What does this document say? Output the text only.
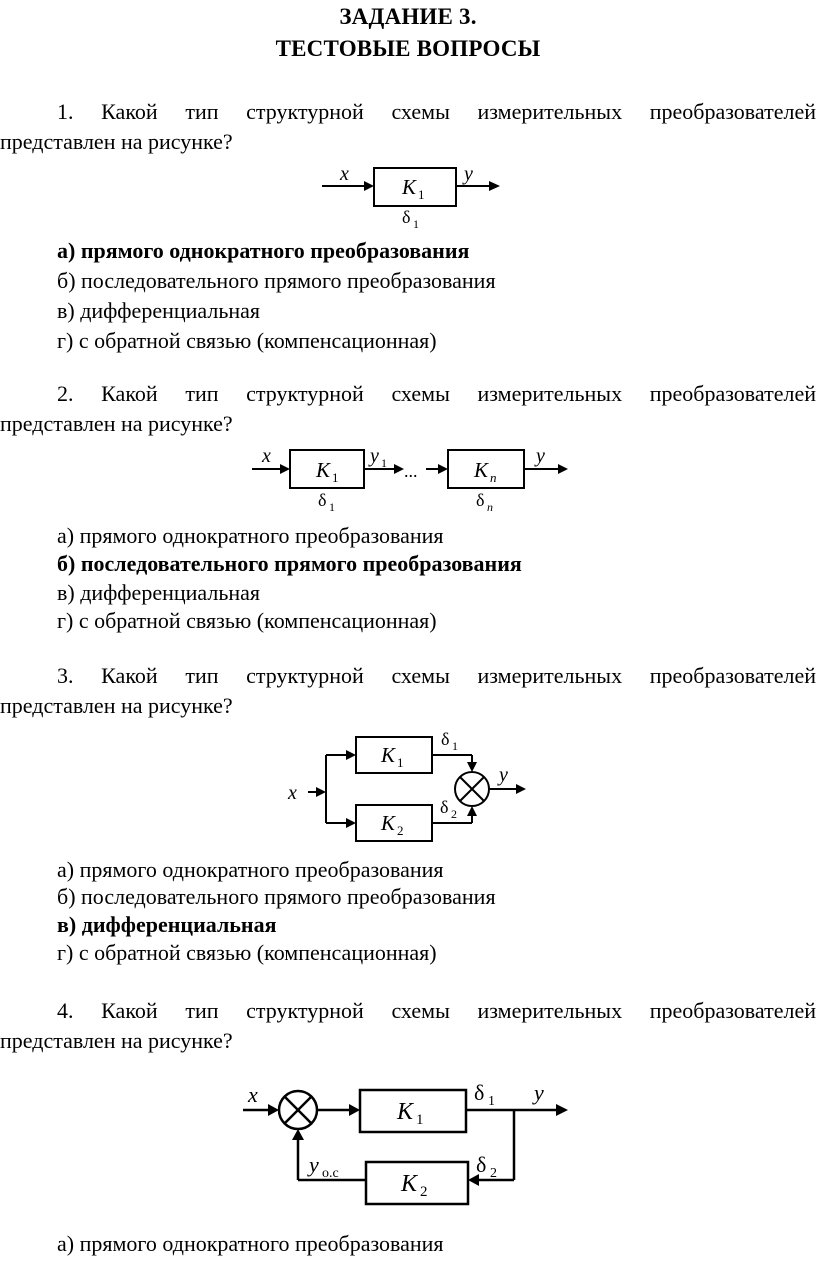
ЗАДАНИЕ 3.
ТЕСТОВЫЕ ВОПРОСЫ
1. Какой тип структурной схемы измерительных преобразователей
представлен на рисунке?
x	y
K 1
δ 1
а) прямого однократного преобразования
б) последовательного прямого преобразования
в) дифференциальная
г) с обратной связью (компенсационная)
2. Какой тип структурной схемы измерительных преобразователей
представлен на рисунке?
x
K 1
y 1 ...	K n
y
δ 1	δ n
а) прямого однократного преобразования
б) последовательного прямого преобразования
в) дифференциальная
г) с обратной связью (компенсационная)
3. Какой тип структурной схемы измерительных преобразователей
представлен на рисунке?
x
K 1
K 2
δ 1
δ 2
y
а) прямого однократного преобразования
б) последовательного прямого преобразования
в) дифференциальная
г) с обратной связью (компенсационная)
4. Какой тип структурной схемы измерительных преобразователей
представлен на рисунке?
x
K 1
δ 1 y
K 2
δ 2
y о.с
а) прямого однократного преобразования
